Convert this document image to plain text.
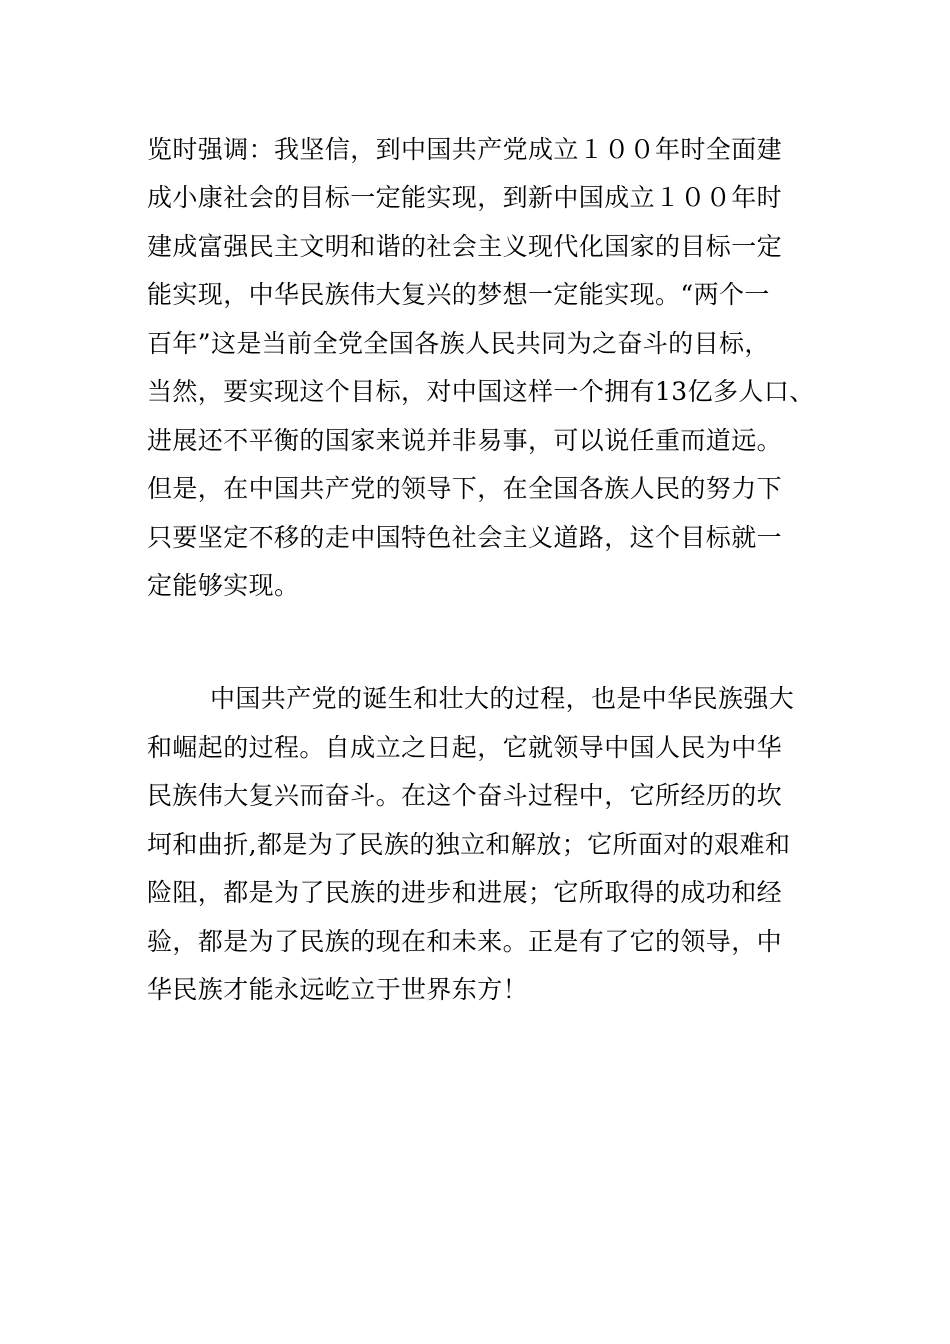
览时强调：我坚信，到中国共产党成立１００年时全面建
成小康社会的目标一定能实现，到新中国成立１００年时
建成富强民主文明和谐的社会主义现代化国家的目标一定
能实现，中华民族伟大复兴的梦想一定能实现。“两个一
百年”这是当前全党全国各族人民共同为之奋斗的目标，
当然，要实现这个目标，对中国这样一个拥有13亿多人口、
进展还不平衡的国家来说并非易事，可以说任重而道远。
但是，在中国共产党的领导下，在全国各族人民的努力下
只要坚定不移的走中国特色社会主义道路，这个目标就一
定能够实现。
中国共产党的诞生和壮大的过程，也是中华民族强大
和崛起的过程。自成立之日起，它就领导中国人民为中华
民族伟大复兴而奋斗。在这个奋斗过程中，它所经历的坎
坷和曲折,都是为了民族的独立和解放；它所面对的艰难和
险阻，都是为了民族的进步和进展；它所取得的成功和经
验，都是为了民族的现在和未来。正是有了它的领导，中
华民族才能永远屹立于世界东方！
